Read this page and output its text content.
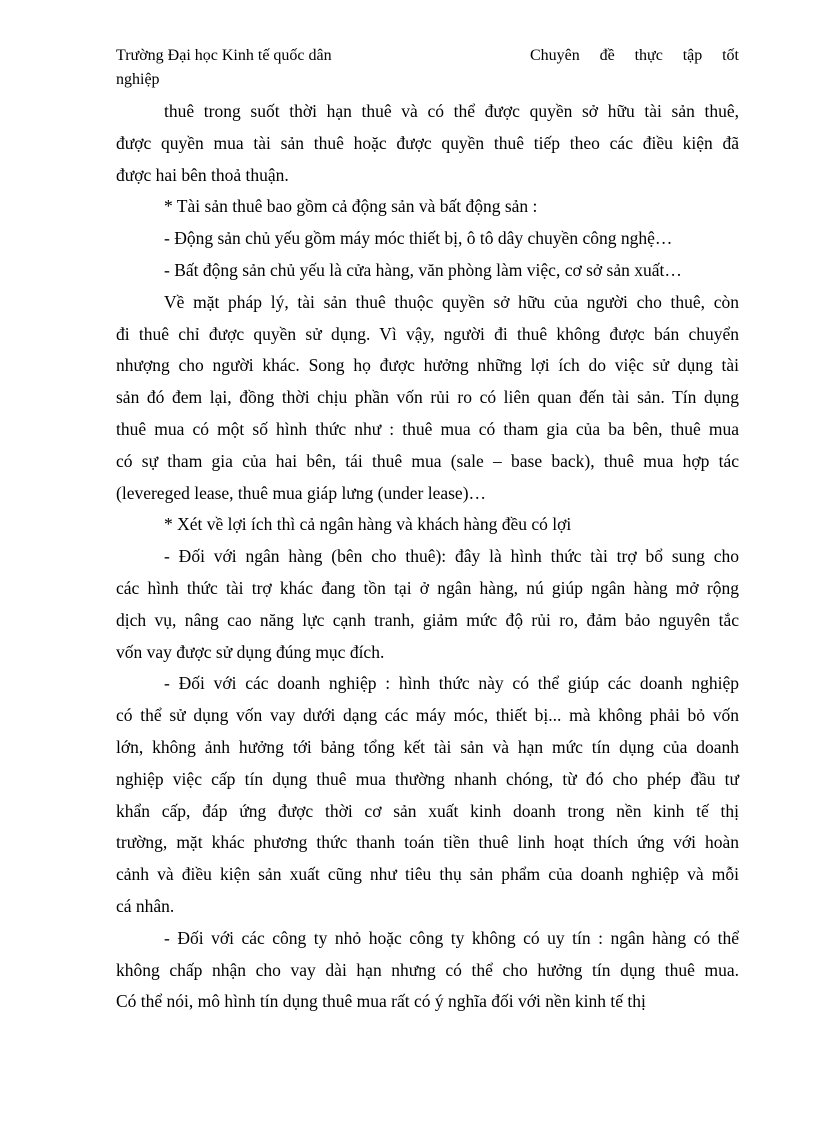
Trường Đại học Kinh tế quốc dân	Chuyên đề thực tập tốt
nghiệp
thuê trong suốt thời hạn thuê và có thể được quyền sở hữu tài sản thuê,
được quyền mua tài sản thuê hoặc được quyền thuê tiếp theo các điều kiện đã
được hai bên thoả thuận.
* Tài sản thuê bao gồm cả động sản và bất động sản :
- Động sản chủ yếu gồm máy móc thiết bị, ô tô dây chuyền công nghệ…
- Bất động sản chủ yếu là cửa hàng, văn phòng làm việc, cơ sở sản xuất…
Về mặt pháp lý, tài sản thuê thuộc quyền sở hữu của người cho thuê, còn
đi thuê chỉ được quyền sử dụng. Vì vậy, người đi thuê không được bán chuyển
nhượng cho người khác. Song họ được hưởng những lợi ích do việc sử dụng tài
sản đó đem lại, đồng thời chịu phần vốn rủi ro có liên quan đến tài sản. Tín dụng
thuê mua có một số hình thức như : thuê mua có tham gia của ba bên, thuê mua
có sự tham gia của hai bên, tái thuê mua (sale – base back), thuê mua hợp tác
(levereged lease, thuê mua giáp lưng (under lease)…
* Xét về lợi ích thì cả ngân hàng và khách hàng đều có lợi
- Đối với ngân hàng (bên cho thuê): đây là hình thức tài trợ bổ sung cho
các hình thức tài trợ khác đang tồn tại ở ngân hàng, nú giúp ngân hàng mở rộng
dịch vụ, nâng cao năng lực cạnh tranh, giảm mức độ rủi ro, đảm bảo nguyên tắc
vốn vay được sử dụng đúng mục đích.
- Đối với các doanh nghiệp : hình thức này có thể giúp các doanh nghiệp
có thể sử dụng vốn vay dưới dạng các máy móc, thiết bị... mà không phải bỏ vốn
lớn, không ảnh hưởng tới bảng tổng kết tài sản và hạn mức tín dụng của doanh
nghiệp việc cấp tín dụng thuê mua thường nhanh chóng, từ đó cho phép đầu tư
khẩn cấp, đáp ứng được thời cơ sản xuất kinh doanh trong nền kinh tế thị
trường, mặt khác phương thức thanh toán tiền thuê linh hoạt thích ứng với hoàn
cảnh và điều kiện sản xuất cũng như tiêu thụ sản phẩm của doanh nghiệp và mỗi
cá nhân.
- Đối với các công ty nhỏ hoặc công ty không có uy tín : ngân hàng có thể
không chấp nhận cho vay dài hạn nhưng có thể cho hưởng tín dụng thuê mua.
Có thể nói, mô hình tín dụng thuê mua rất có ý nghĩa đối với nền kinh tế thị
